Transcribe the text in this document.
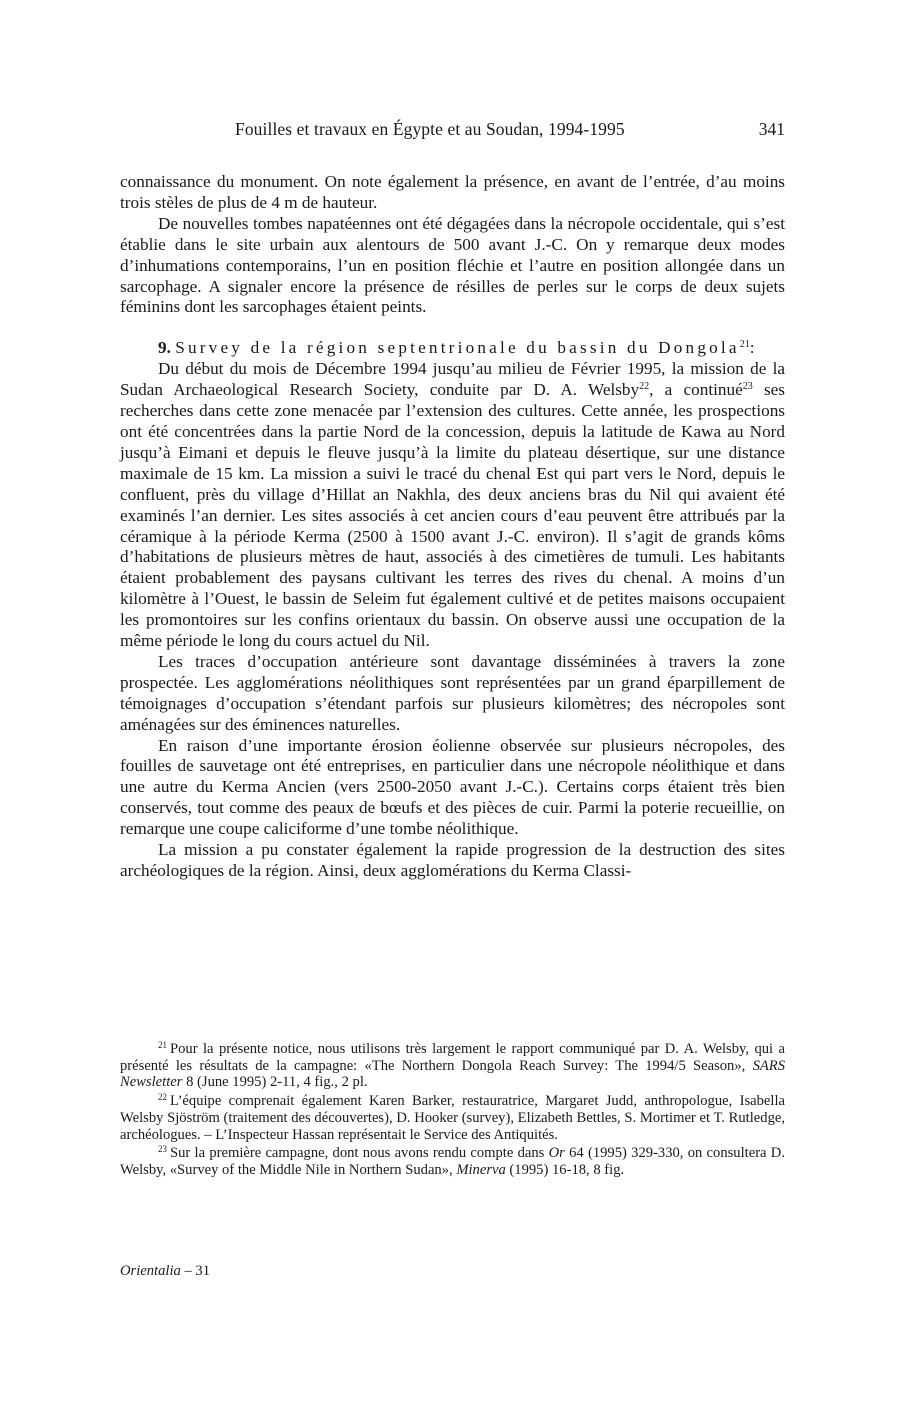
Fouilles et travaux en Égypte et au Soudan, 1994-1995	341

connaissance du monument. On note également la présence, en avant de l’entrée, d’au moins trois stèles de plus de 4 m de hauteur.

De nouvelles tombes napatéennes ont été dégagées dans la nécropole occidentale, qui s’est établie dans le site urbain aux alentours de 500 avant J.-C. On y remarque deux modes d’inhumations contemporains, l’un en position fléchie et l’autre en position allongée dans un sarcophage. A signaler encore la présence de résilles de perles sur le corps de deux sujets féminins dont les sarcophages étaient peints.

9. Survey de la région septentrionale du bassin du Dongola$^{21}$:

Du début du mois de Décembre 1994 jusqu’au milieu de Février 1995, la mission de la Sudan Archaeological Research Society, conduite par D. A. Welsby$^{22}$, a continué$^{23}$ ses recherches dans cette zone menacée par l’extension des cultures. Cette année, les prospections ont été concentrées dans la partie Nord de la concession, depuis la latitude de Kawa au Nord jusqu’à Eimani et depuis le fleuve jusqu’à la limite du plateau désertique, sur une distance maximale de 15 km. La mission a suivi le tracé du chenal Est qui part vers le Nord, depuis le confluent, près du village d’Hillat an Nakhla, des deux anciens bras du Nil qui avaient été examinés l’an dernier. Les sites associés à cet ancien cours d’eau peuvent être attribués par la céramique à la période Kerma (2500 à 1500 avant J.-C. environ). Il s’agit de grands kôms d’habitations de plusieurs mètres de haut, associés à des cimetières de tumuli. Les habitants étaient probablement des paysans cultivant les terres des rives du chenal. A moins d’un kilomètre à l’Ouest, le bassin de Seleim fut également cultivé et de petites maisons occupaient les promontoires sur les confins orientaux du bassin. On observe aussi une occupation de la même période le long du cours actuel du Nil.

Les traces d’occupation antérieure sont davantage disséminées à travers la zone prospectée. Les agglomérations néolithiques sont représentées par un grand éparpillement de témoignages d’occupation s’étendant parfois sur plusieurs kilomètres; des nécropoles sont aménagées sur des éminences naturelles.

En raison d’une importante érosion éolienne observée sur plusieurs nécropoles, des fouilles de sauvetage ont été entreprises, en particulier dans une nécropole néolithique et dans une autre du Kerma Ancien (vers 2500-2050 avant J.-C.). Certains corps étaient très bien conservés, tout comme des peaux de bœufs et des pièces de cuir. Parmi la poterie recueillie, on remarque une coupe caliciforme d’une tombe néolithique.

La mission a pu constater également la rapide progression de la destruction des sites archéologiques de la région. Ainsi, deux agglomérations du Kerma Classi-

$^{21}$ Pour la présente notice, nous utilisons très largement le rapport communiqué par D. A. Welsby, qui a présenté les résultats de la campagne: «The Northern Dongola Reach Survey: The 1994/5 Season», SARS Newsletter 8 (June 1995) 2-11, 4 fig., 2 pl.

$^{22}$ L’équipe comprenait également Karen Barker, restauratrice, Margaret Judd, anthropologue, Isabella Welsby Sjöström (traitement des découvertes), D. Hooker (survey), Elizabeth Bettles, S. Mortimer et T. Rutledge, archéologues. – L’Inspecteur Hassan représentait le Service des Antiquités.

$^{23}$ Sur la première campagne, dont nous avons rendu compte dans Or 64 (1995) 329-330, on consultera D. Welsby, «Survey of the Middle Nile in Northern Sudan», Minerva (1995) 16-18, 8 fig.

Orientalia – 31
